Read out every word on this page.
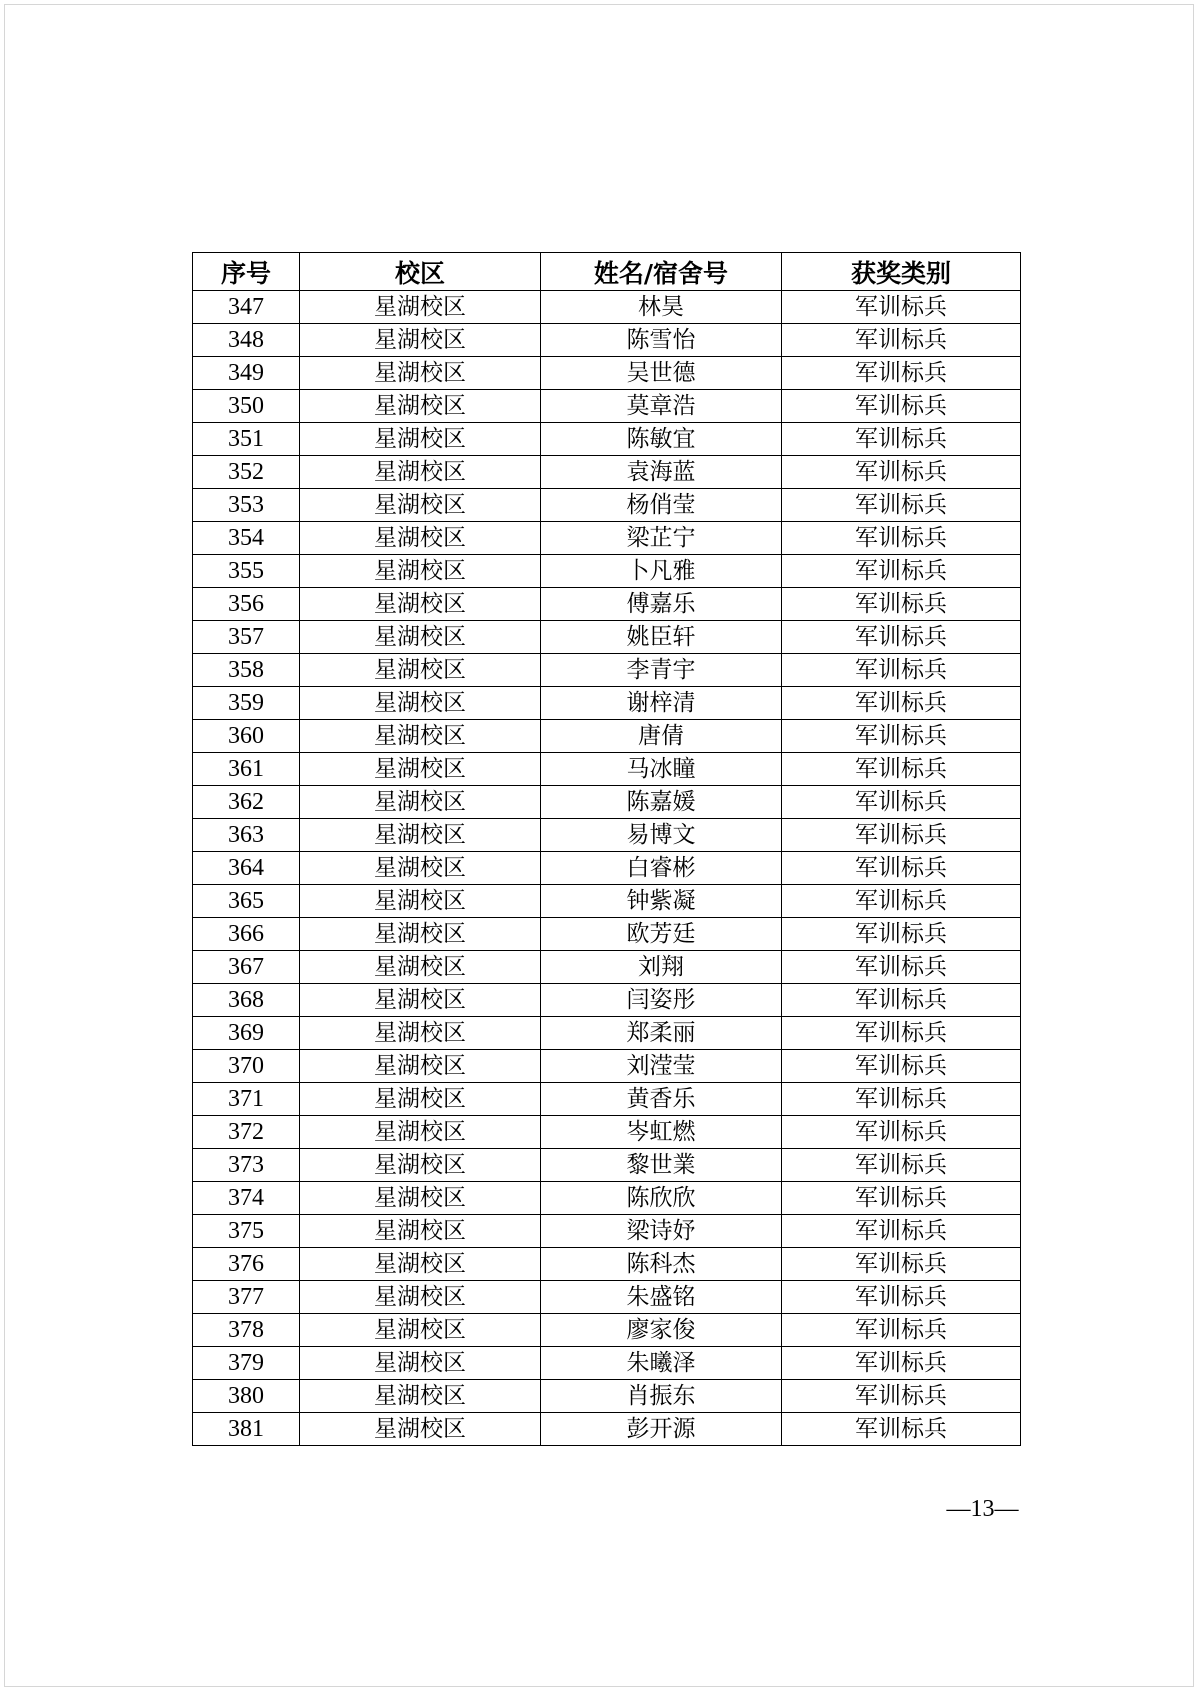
序号	校区	姓名/宿舍号	获奖类别
347	星湖校区	林昊	军训标兵
348	星湖校区	陈雪怡	军训标兵
349	星湖校区	吴世德	军训标兵
350	星湖校区	莫章浩	军训标兵
351	星湖校区	陈敏宜	军训标兵
352	星湖校区	袁海蓝	军训标兵
353	星湖校区	杨俏莹	军训标兵
354	星湖校区	梁芷宁	军训标兵
355	星湖校区	卜凡雅	军训标兵
356	星湖校区	傅嘉乐	军训标兵
357	星湖校区	姚臣轩	军训标兵
358	星湖校区	李青宇	军训标兵
359	星湖校区	谢梓清	军训标兵
360	星湖校区	唐倩	军训标兵
361	星湖校区	马冰瞳	军训标兵
362	星湖校区	陈嘉媛	军训标兵
363	星湖校区	易博文	军训标兵
364	星湖校区	白睿彬	军训标兵
365	星湖校区	钟紫凝	军训标兵
366	星湖校区	欧芳廷	军训标兵
367	星湖校区	刘翔	军训标兵
368	星湖校区	闫姿彤	军训标兵
369	星湖校区	郑柔丽	军训标兵
370	星湖校区	刘滢莹	军训标兵
371	星湖校区	黄香乐	军训标兵
372	星湖校区	岑虹燃	军训标兵
373	星湖校区	黎世業	军训标兵
374	星湖校区	陈欣欣	军训标兵
375	星湖校区	梁诗妤	军训标兵
376	星湖校区	陈科杰	军训标兵
377	星湖校区	朱盛铭	军训标兵
378	星湖校区	廖家俊	军训标兵
379	星湖校区	朱曦泽	军训标兵
380	星湖校区	肖振东	军训标兵
381	星湖校区	彭开源	军训标兵
—13—
